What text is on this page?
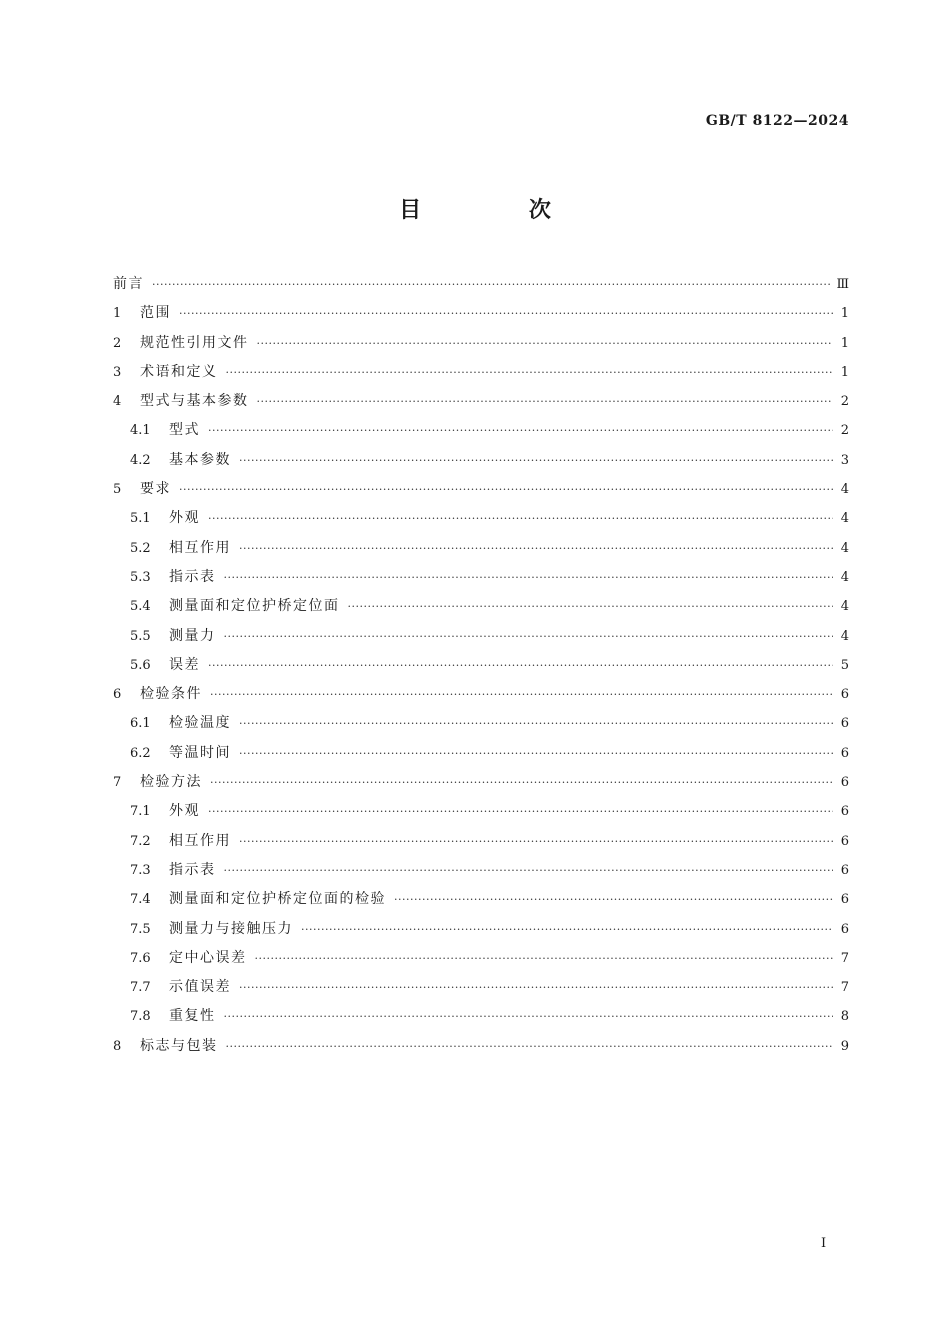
GB/T 8122—2024
目 次
前言 ·····	Ⅲ
1	范围 ·····	1
2	规范性引用文件 ·····	1
3	术语和定义 ·····	1
4	型式与基本参数 ·····	2
4.1	型式 ·····	2
4.2	基本参数 ·····	3
5	要求 ·····	4
5.1	外观 ·····	4
5.2	相互作用 ·····	4
5.3	指示表 ·····	4
5.4	测量面和定位护桥定位面 ·····	4
5.5	测量力 ·····	4
5.6	误差 ·····	5
6	检验条件 ·····	6
6.1	检验温度 ·····	6
6.2	等温时间 ·····	6
7	检验方法 ·····	6
7.1	外观 ·····	6
7.2	相互作用 ·····	6
7.3	指示表 ·····	6
7.4	测量面和定位护桥定位面的检验 ·····	6
7.5	测量力与接触压力 ·····	6
7.6	定中心误差 ·····	7
7.7	示值误差 ·····	7
7.8	重复性 ·····	8
8	标志与包装 ·····	9
I
